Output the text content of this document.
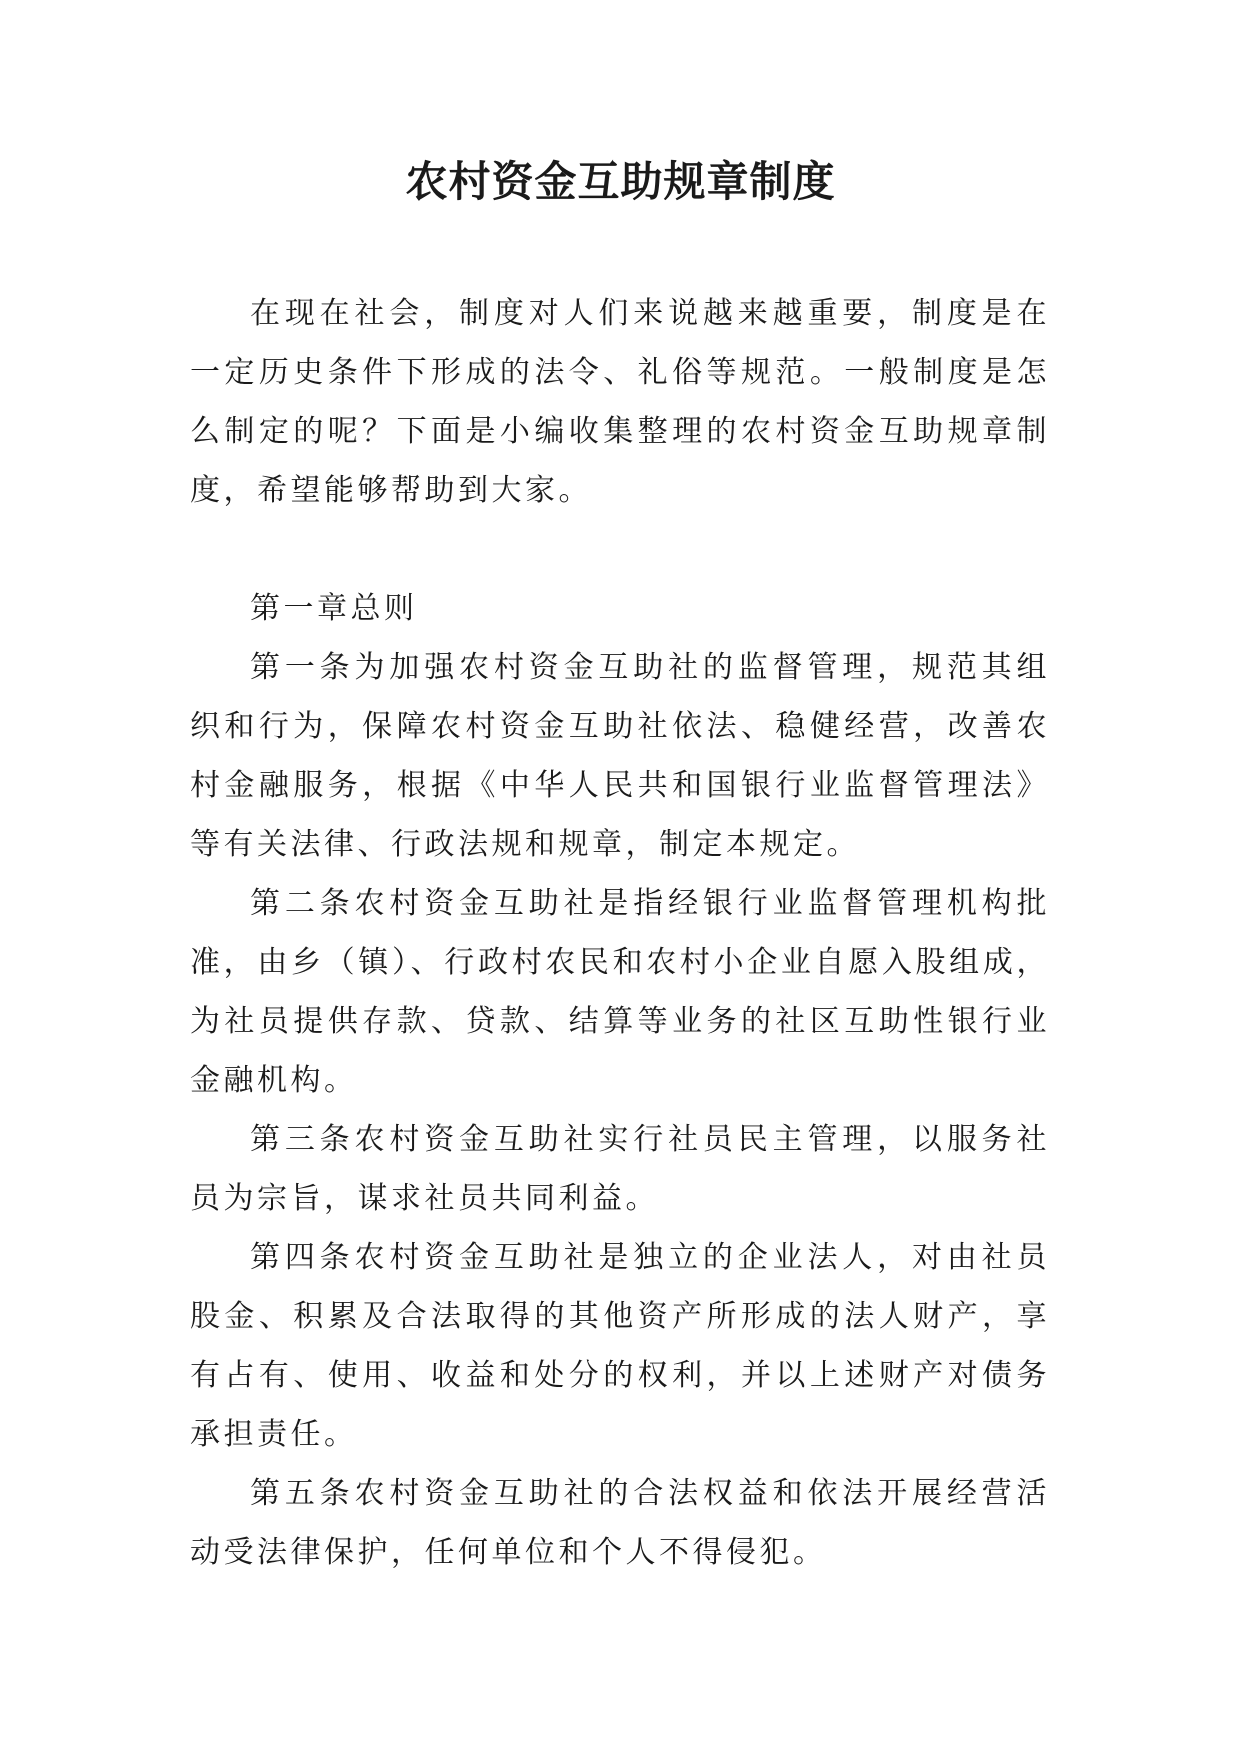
农村资金互助规章制度

在现在社会，制度对人们来说越来越重要，制度是在一定历史条件下形成的法令、礼俗等规范。一般制度是怎么制定的呢？下面是小编收集整理的农村资金互助规章制度，希望能够帮助到大家。

第一章总则

第一条为加强农村资金互助社的监督管理，规范其组织和行为，保障农村资金互助社依法、稳健经营，改善农村金融服务，根据《中华人民共和国银行业监督管理法》等有关法律、行政法规和规章，制定本规定。

第二条农村资金互助社是指经银行业监督管理机构批准，由乡（镇）、行政村农民和农村小企业自愿入股组成，为社员提供存款、贷款、结算等业务的社区互助性银行业金融机构。

第三条农村资金互助社实行社员民主管理，以服务社员为宗旨，谋求社员共同利益。

第四条农村资金互助社是独立的企业法人，对由社员股金、积累及合法取得的其他资产所形成的法人财产，享有占有、使用、收益和处分的权利，并以上述财产对债务承担责任。

第五条农村资金互助社的合法权益和依法开展经营活动受法律保护，任何单位和个人不得侵犯。
